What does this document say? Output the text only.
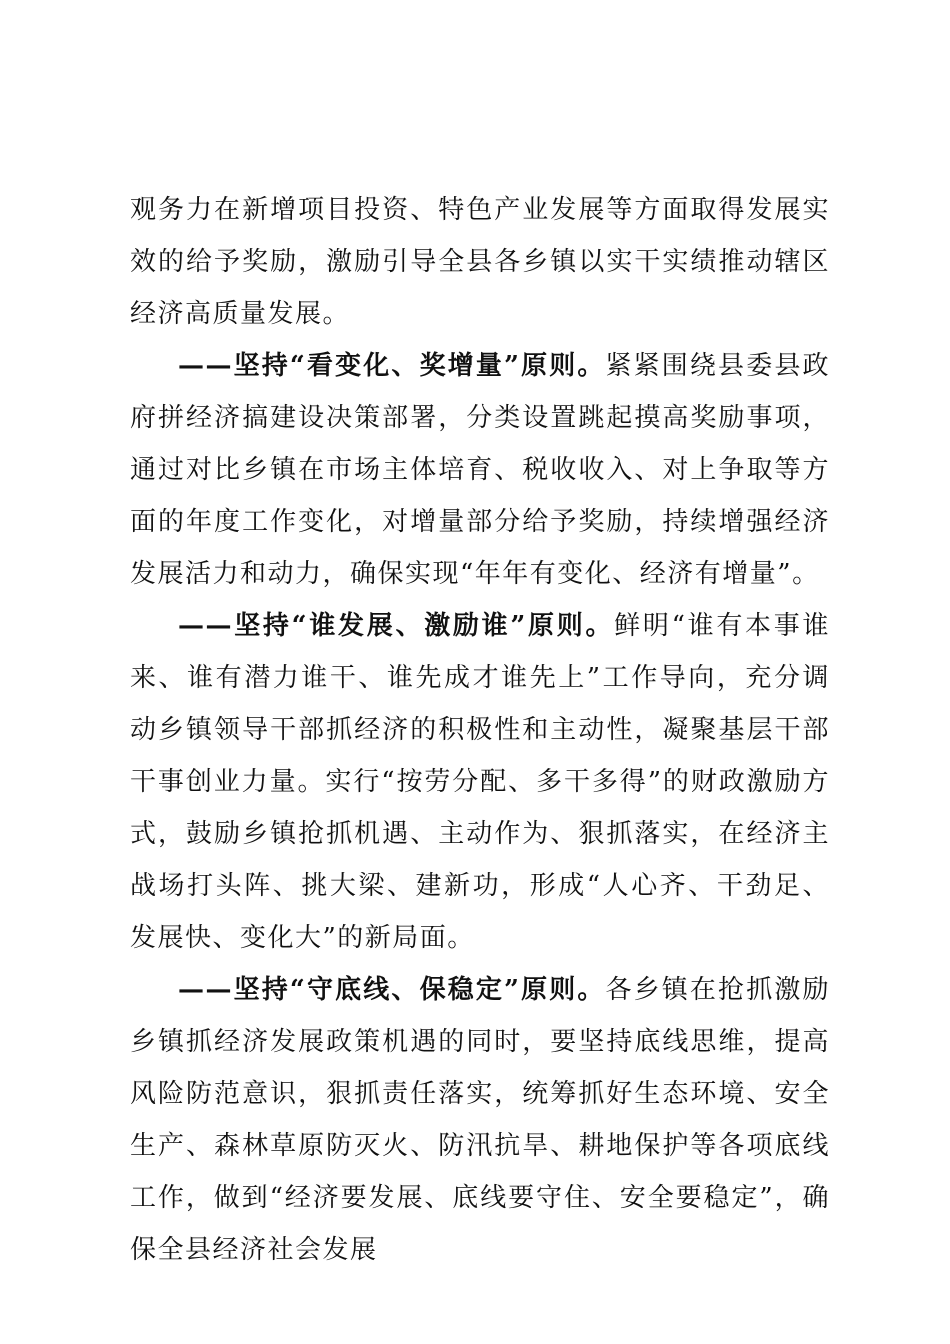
观务力在新增项目投资、特色产业发展等方面取得发展实效的给予奖励，激励引导全县各乡镇以实干实绩推动辖区经济高质量发展。

——坚持“看变化、奖增量”原则。紧紧围绕县委县政府拼经济搞建设决策部署，分类设置跳起摸高奖励事项，通过对比乡镇在市场主体培育、税收收入、对上争取等方面的年度工作变化，对增量部分给予奖励，持续增强经济发展活力和动力，确保实现“年年有变化、经济有增量”。

——坚持“谁发展、激励谁”原则。鲜明“谁有本事谁来、谁有潜力谁干、谁先成才谁先上”工作导向，充分调动乡镇领导干部抓经济的积极性和主动性，凝聚基层干部干事创业力量。实行“按劳分配、多干多得”的财政激励方式，鼓励乡镇抢抓机遇、主动作为、狠抓落实，在经济主战场打头阵、挑大梁、建新功，形成“人心齐、干劲足、发展快、变化大”的新局面。

——坚持“守底线、保稳定”原则。各乡镇在抢抓激励乡镇抓经济发展政策机遇的同时，要坚持底线思维，提高风险防范意识，狠抓责任落实，统筹抓好生态环境、安全生产、森林草原防灭火、防汛抗旱、耕地保护等各项底线工作，做到“经济要发展、底线要守住、安全要稳定”，确保全县经济社会发展
